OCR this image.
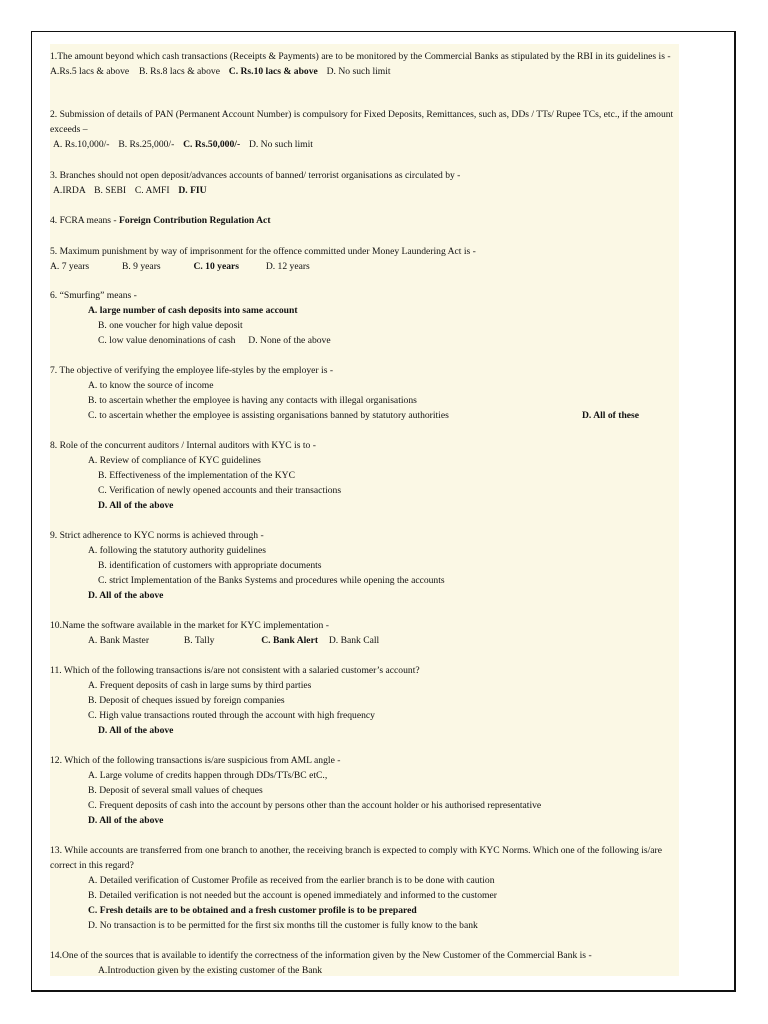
1.The amount beyond which cash transactions (Receipts & Payments) are to be monitored by the Commercial Banks as stipulated by the RBI in its guidelines is -
A.Rs.5 lacs & above B. Rs.8 lacs & above C. Rs.10 lacs & above D. No such limit
2. Submission of details of PAN (Permanent Account Number) is compulsory for Fixed Deposits, Remittances, such as, DDs / TTs/ Rupee TCs, etc., if the amount exceeds –
A. Rs.10,000/- B. Rs.25,000/- C. Rs.50,000/- D. No such limit
3. Branches should not open deposit/advances accounts of banned/ terrorist organisations as circulated by -
A.IRDA B. SEBI C. AMFI D. FIU
4. FCRA means - Foreign Contribution Regulation Act
5. Maximum punishment by way of imprisonment for the offence committed under Money Laundering Act is -
A. 7 years	B. 9 years	C. 10 years	D. 12 years
6. “Smurfing” means -
A. large number of cash deposits into same account
B. one voucher for high value deposit
C. low value denominations of cash D. None of the above
7. The objective of verifying the employee life-styles by the employer is -
A. to know the source of income
B. to ascertain whether the employee is having any contacts with illegal organisations
C. to ascertain whether the employee is assisting organisations banned by statutory authorities	D. All of these
8. Role of the concurrent auditors / Internal auditors with KYC is to -
A. Review of compliance of KYC guidelines
B. Effectiveness of the implementation of the KYC
C. Verification of newly opened accounts and their transactions
D. All of the above
9. Strict adherence to KYC norms is achieved through -
A. following the statutory authority guidelines
B. identification of customers with appropriate documents
C. strict Implementation of the Banks Systems and procedures while opening the accounts
D. All of the above
10.Name the software available in the market for KYC implementation -
A. Bank Master	B. Tally	C. Bank Alert D. Bank Call
11. Which of the following transactions is/are not consistent with a salaried customer’s account?
A. Frequent deposits of cash in large sums by third parties
B. Deposit of cheques issued by foreign companies
C. High value transactions routed through the account with high frequency
D. All of the above
12. Which of the following transactions is/are suspicious from AML angle -
A. Large volume of credits happen through DDs/TTs/BC etC.,
B. Deposit of several small values of cheques
C. Frequent deposits of cash into the account by persons other than the account holder or his authorised representative
D. All of the above
13. While accounts are transferred from one branch to another, the receiving branch is expected to comply with KYC Norms. Which one of the following is/are correct in this regard?
A. Detailed verification of Customer Profile as received from the earlier branch is to be done with caution
B. Detailed verification is not needed but the account is opened immediately and informed to the customer
C. Fresh details are to be obtained and a fresh customer profile is to be prepared
D. No transaction is to be permitted for the first six months till the customer is fully know to the bank
14.One of the sources that is available to identify the correctness of the information given by the New Customer of the Commercial Bank is -
A.Introduction given by the existing customer of the Bank
